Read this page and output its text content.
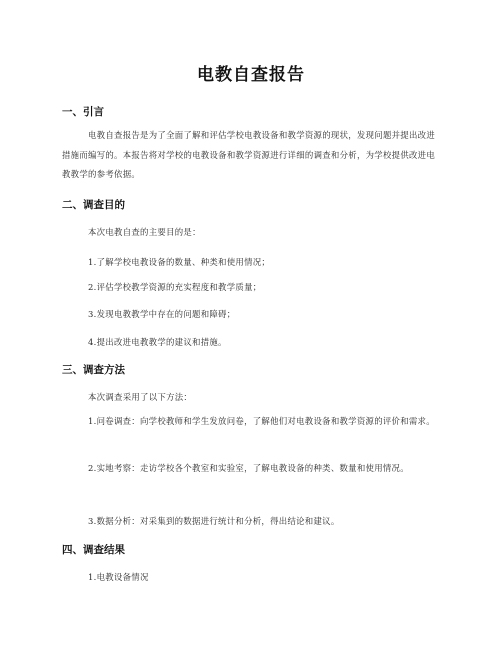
电教自查报告
一、引言
电教自查报告是为了全面了解和评估学校电教设备和教学资源的现状，发现问题并提出改进措施而编写的。本报告将对学校的电教设备和教学资源进行详细的调查和分析，为学校提供改进电教教学的参考依据。
二、调查目的
本次电教自查的主要目的是：
1.了解学校电教设备的数量、种类和使用情况；
2.评估学校教学资源的充实程度和教学质量；
3.发现电教教学中存在的问题和障碍；
4.提出改进电教教学的建议和措施。
三、调查方法
本次调查采用了以下方法：
1.问卷调查：向学校教师和学生发放问卷，了解他们对电教设备和教学资源的评价和需求。
2.实地考察：走访学校各个教室和实验室，了解电教设备的种类、数量和使用情况。
3.数据分析：对采集到的数据进行统计和分析，得出结论和建议。
四、调查结果
1.电教设备情况
